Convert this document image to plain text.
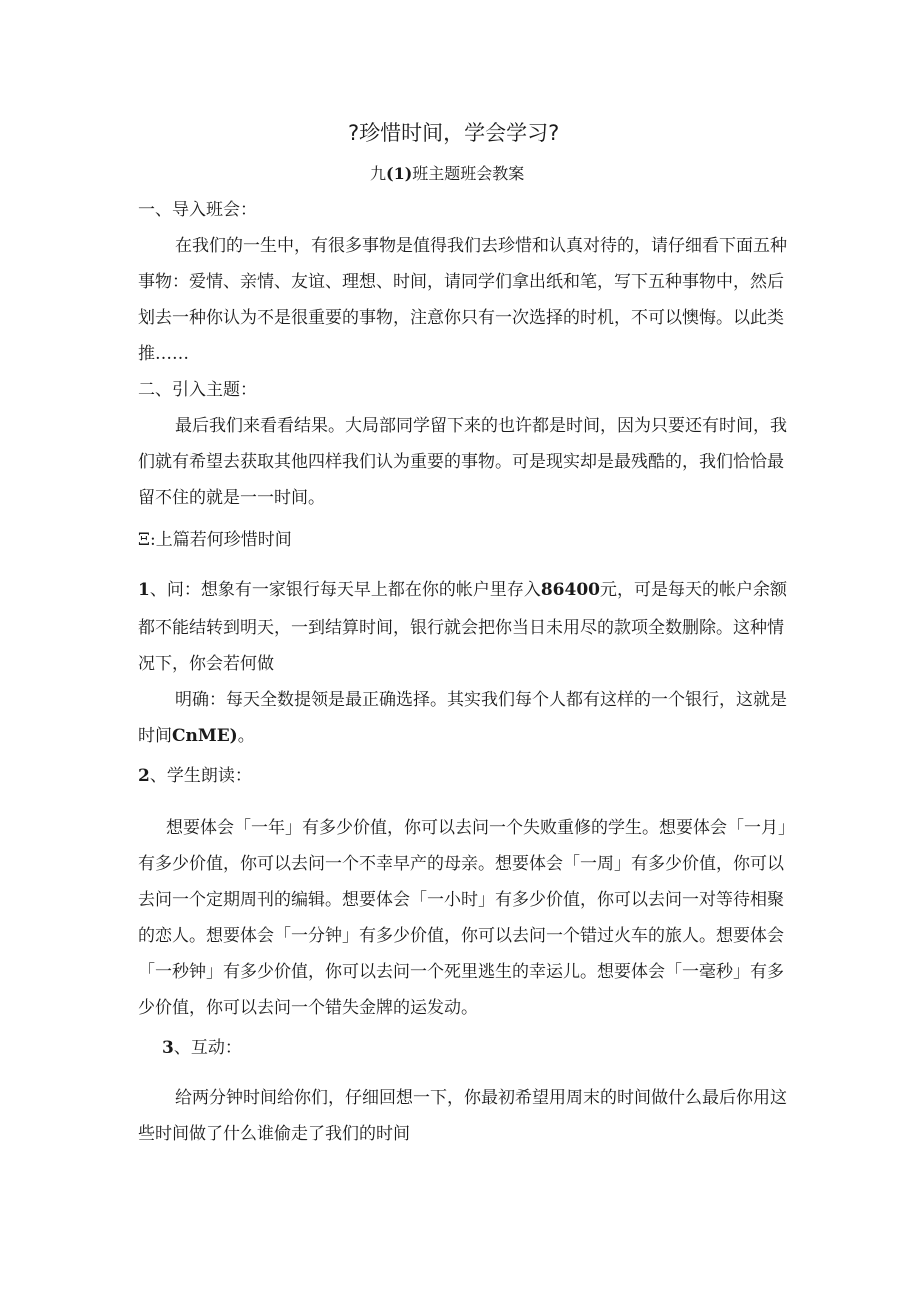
?珍惜时间，学会学习?
九(1)班主题班会教案
一、导入班会：
在我们的一生中，有很多事物是值得我们去珍惜和认真对待的，请仔细看下面五种
事物：爱情、亲情、友谊、理想、时间，请同学们拿出纸和笔，写下五种事物中，然后
划去一种你认为不是很重要的事物，注意你只有一次选择的时机，不可以懊悔。以此类
推……
二、引入主题：
最后我们来看看结果。大局部同学留下来的也许都是时间，因为只要还有时间，我
们就有希望去获取其他四样我们认为重要的事物。可是现实却是最残酷的，我们恰恰最
留不住的就是一一时间。
Ξ:上篇若何珍惜时间
1、问：想象有一家银行每天早上都在你的帐户里存入86400元，可是每天的帐户余额
都不能结转到明天，一到结算时间，银行就会把你当日未用尽的款项全数删除。这种情
况下，你会若何做
明确：每天全数提领是最正确选择。其实我们每个人都有这样的一个银行，这就是
时间CnME)。
2、学生朗读：
想要体会「一年」有多少价值，你可以去问一个失败重修的学生。想要体会「一月」
有多少价值，你可以去问一个不幸早产的母亲。想要体会「一周」有多少价值，你可以
去问一个定期周刊的编辑。想要体会「一小时」有多少价值，你可以去问一对等待相聚
的恋人。想要体会「一分钟」有多少价值，你可以去问一个错过火车的旅人。想要体会
「一秒钟」有多少价值，你可以去问一个死里逃生的幸运儿。想要体会「一毫秒」有多
少价值，你可以去问一个错失金牌的运发动。
3、互动：
给两分钟时间给你们，仔细回想一下，你最初希望用周末的时间做什么最后你用这
些时间做了什么谁偷走了我们的时间
